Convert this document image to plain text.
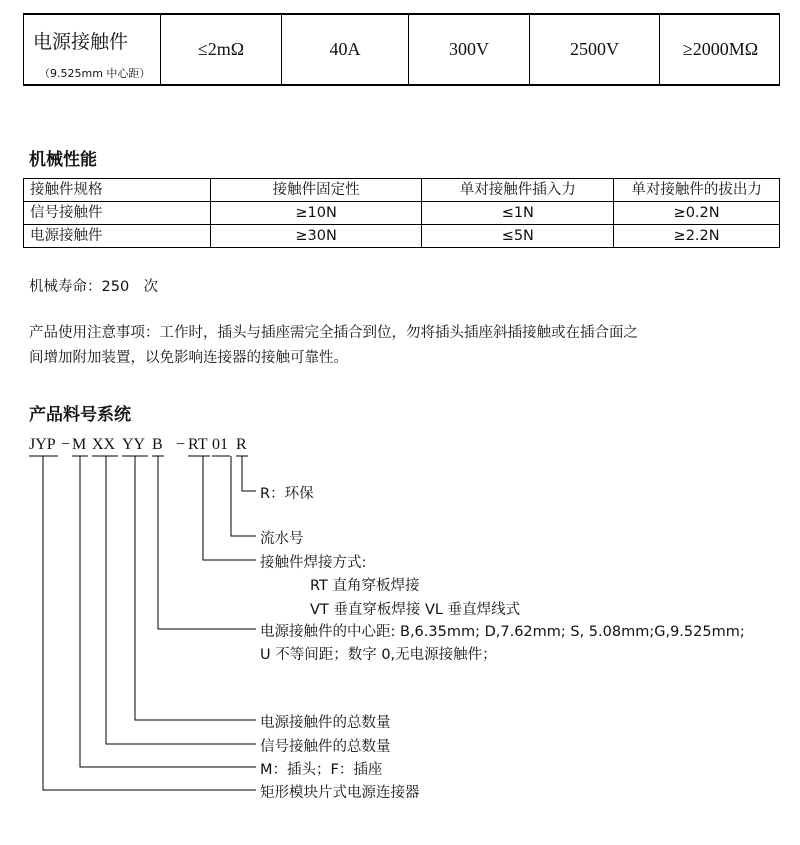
电源接触件
（9.525mm 中心距）
≤2mΩ	40A	300V	2500V	≥2000MΩ
机械性能
接触件规格	接触件固定性	单对接触件插入力	单对接触件的拔出力
信号接触件	≥10N	≤1N	≥0.2N
电源接触件	≥30N	≤5N	≥2.2N
机械寿命：250　次
产品使用注意事项：工作时，插头与插座需完全插合到位，勿将插头插座斜插接触或在插合面之
间增加附加装置，以免影响连接器的接触可靠性。
产品料号系统
JYP − M XX YY B − RT 01 R
R：环保
流水号
接触件焊接方式:
RT 直角穿板焊接
VT 垂直穿板焊接 VL 垂直焊线式
电源接触件的中心距: B,6.35mm; D,7.62mm; S, 5.08mm;G,9.525mm;
U 不等间距；数字 0,无电源接触件；
电源接触件的总数量
信号接触件的总数量
M：插头；F：插座
矩形模块片式电源连接器
